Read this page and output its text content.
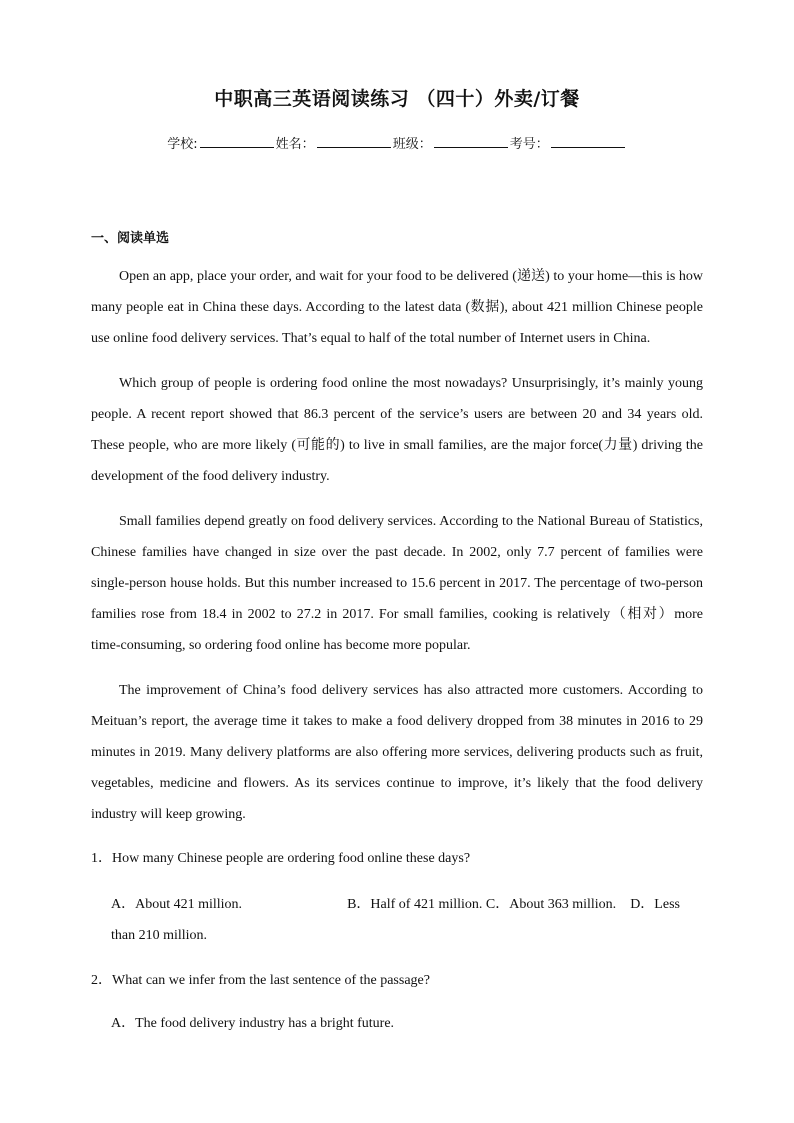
中职高三英语阅读练习 （四十）外卖/订餐
学校:	姓名：	班级：	考号：
一、阅读单选

Open an app, place your order, and wait for your food to be delivered (递送) to your home—this is how many people eat in China these days. According to the latest data (数据), about 421 million Chinese people use online food delivery services. That’s equal to half of the total number of Internet users in China.

Which group of people is ordering food online the most nowadays? Unsurprisingly, it’s mainly young people. A recent report showed that 86.3 percent of the service’s users are between 20 and 34 years old. These people, who are more likely (可能的) to live in small families, are the major force(力量) driving the development of the food delivery industry.

Small families depend greatly on food delivery services. According to the National Bureau of Statistics, Chinese families have changed in size over the past decade. In 2002, only 7.7 percent of families were single-person house holds. But this number increased to 15.6 percent in 2017. The percentage of two-person families rose from 18.4 in 2002 to 27.2 in 2017. For small families, cooking is relatively（相对）more time-consuming, so ordering food online has become more popular.

The improvement of China’s food delivery services has also attracted more customers. According to Meituan’s report, the average time it takes to make a food delivery dropped from 38 minutes in 2016 to 29 minutes in 2019. Many delivery platforms are also offering more services, delivering products such as fruit, vegetables, medicine and flowers. As its services continue to improve, it’s likely that the food delivery industry will keep growing.

1．How many Chinese people are ordering food online these days?

A．About 421 million.	B．Half of 421 million. C．About 363 million. D．Less than 210 million.

2．What can we infer from the last sentence of the passage?

A．The food delivery industry has a bright future.
